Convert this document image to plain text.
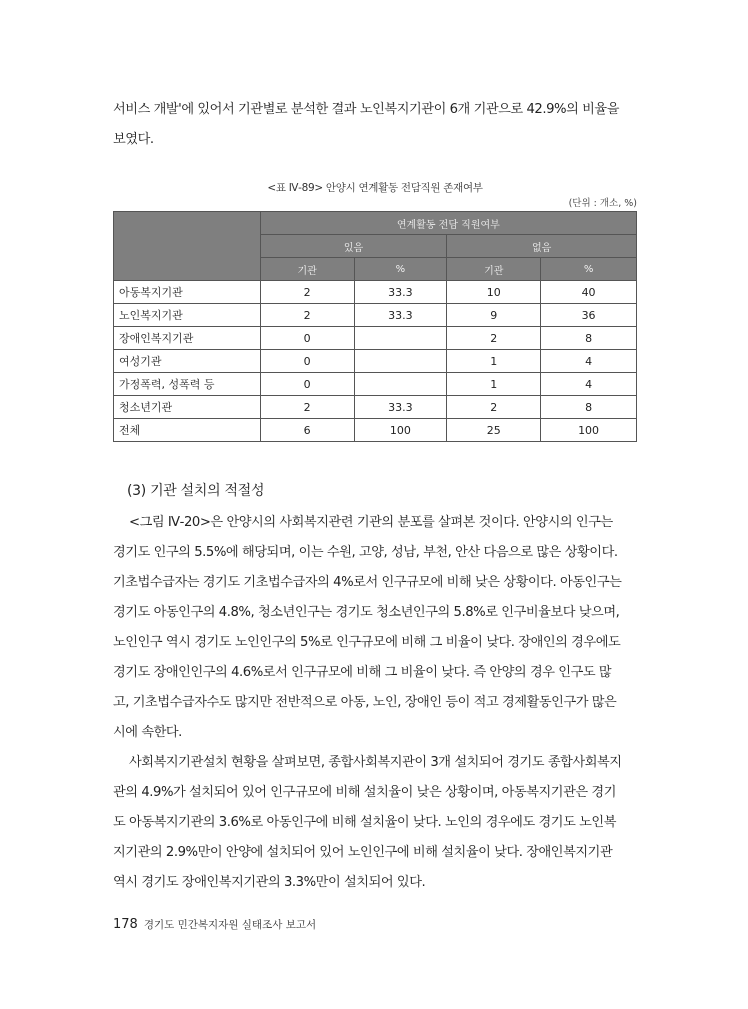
서비스 개발'에 있어서 기관별로 분석한 결과 노인복지기관이 6개 기관으로 42.9%의 비율을
보였다.
<표 Ⅳ-89> 안양시 연계활동 전담직원 존재여부
(단위 : 개소, %)
	연계활동 전담 직원여부			
	있음		없음	
	기관	%	기관	%
아동복지기관	2	33.3	10	40
노인복지기관	2	33.3	9	36
장애인복지기관	0		2	8
여성기관	0		1	4
가정폭력, 성폭력 등	0		1	4
청소년기관	2	33.3	2	8
전체	6	100	25	100
(3) 기관 설치의 적절성
<그림 Ⅳ-20>은 안양시의 사회복지관련 기관의 분포를 살펴본 것이다. 안양시의 인구는
경기도 인구의 5.5%에 해당되며, 이는 수원, 고양, 성남, 부천, 안산 다음으로 많은 상황이다.
기초법수급자는 경기도 기초법수급자의 4%로서 인구규모에 비해 낮은 상황이다. 아동인구는
경기도 아동인구의 4.8%, 청소년인구는 경기도 청소년인구의 5.8%로 인구비율보다 낮으며,
노인인구 역시 경기도 노인인구의 5%로 인구규모에 비해 그 비율이 낮다. 장애인의 경우에도
경기도 장애인인구의 4.6%로서 인구규모에 비해 그 비율이 낮다. 즉 안양의 경우 인구도 많
고, 기초법수급자수도 많지만 전반적으로 아동, 노인, 장애인 등이 적고 경제활동인구가 많은
시에 속한다.
사회복지기관설치 현황을 살펴보면, 종합사회복지관이 3개 설치되어 경기도 종합사회복지
관의 4.9%가 설치되어 있어 인구규모에 비해 설치율이 낮은 상황이며, 아동복지기관은 경기
도 아동복지기관의 3.6%로 아동인구에 비해 설치율이 낮다. 노인의 경우에도 경기도 노인복
지기관의 2.9%만이 안양에 설치되어 있어 노인인구에 비해 설치율이 낮다. 장애인복지기관
역시 경기도 장애인복지기관의 3.3%만이 설치되어 있다.
178 경기도 민간복지자원 실태조사 보고서
